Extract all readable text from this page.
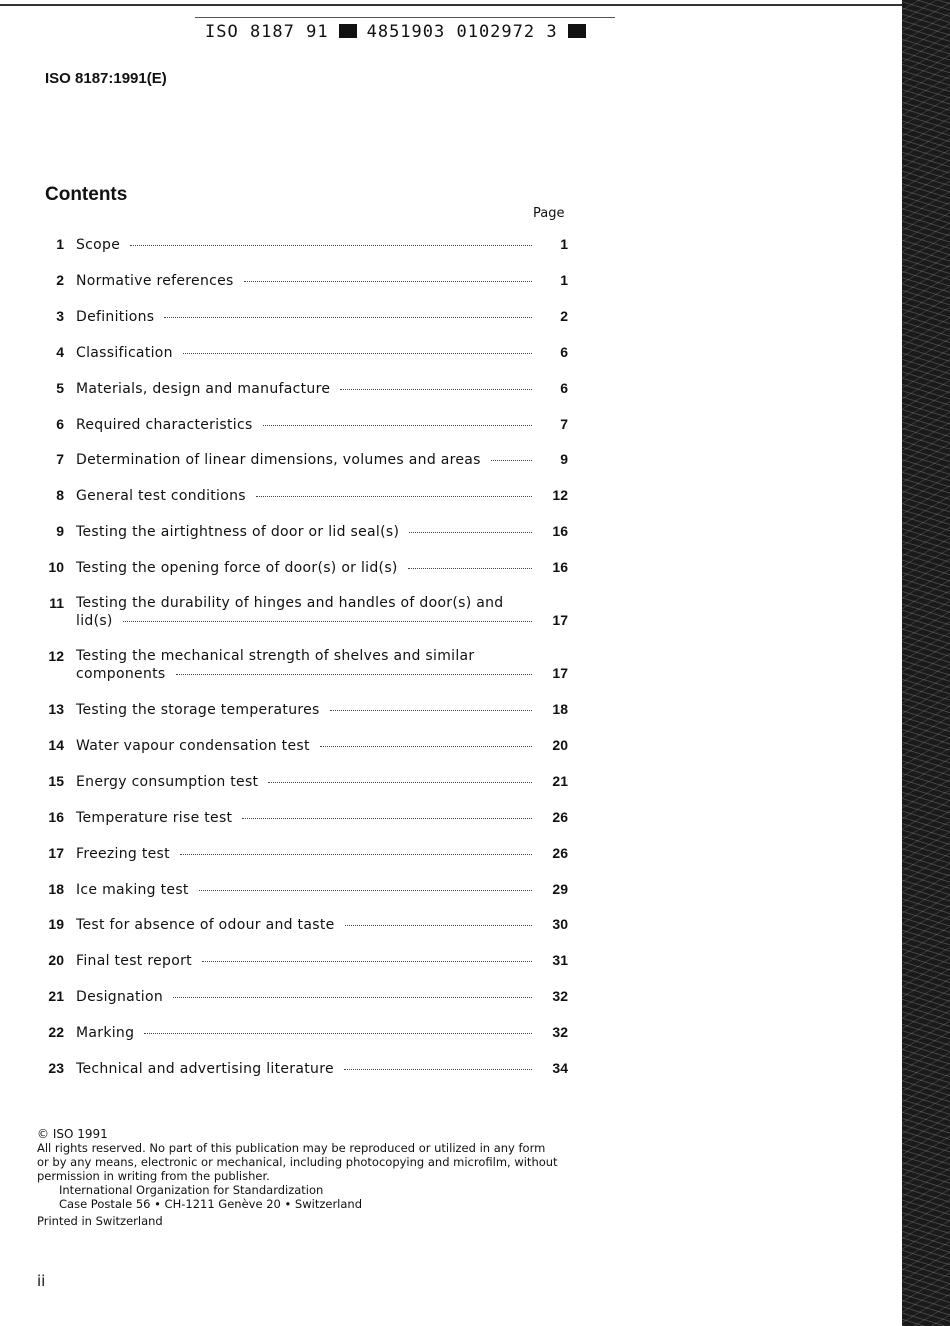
ISO 8187 91 4851903 0102972 3
ISO 8187:1991(E)
Contents
Page
1 Scope	1
2 Normative references	1
3 Definitions	2
4 Classification	6
5 Materials, design and manufacture	6
6 Required characteristics	7
7 Determination of linear dimensions, volumes and areas	9
8 General test conditions	12
9 Testing the airtightness of door or lid seal(s)	16
10 Testing the opening force of door(s) or lid(s)	16
11 Testing the durability of hinges and handles of door(s) and
lid(s)	17
12 Testing the mechanical strength of shelves and similar
components	17
13 Testing the storage temperatures	18
14 Water vapour condensation test	20
15 Energy consumption test	21
16 Temperature rise test	26
17 Freezing test	26
18 Ice making test	29
19 Test for absence of odour and taste	30
20 Final test report	31
21 Designation	32
22 Marking	32
23 Technical and advertising literature	34
© ISO 1991
All rights reserved. No part of this publication may be reproduced or utilized in any form
or by any means, electronic or mechanical, including photocopying and microfilm, without
permission in writing from the publisher.
International Organization for Standardization
Case Postale 56 • CH-1211 Genève 20 • Switzerland
Printed in Switzerland
ii
